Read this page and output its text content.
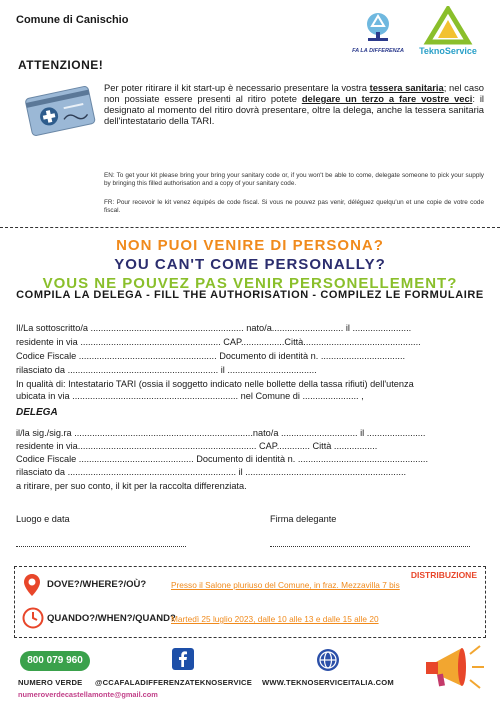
Comune di Canischio
FA LA DIFFERENZA	TeknoService
ATTENZIONE!
Per poter ritirare il kit start-up è necessario presentare la vostra tessera sanitaria; nel caso non possiate essere presenti al ritiro potete delegare un terzo a fare vostre veci: il designato al momento del ritiro dovrà presentare, oltre la delega, anche la tessera sanitaria dell'intestatario della TARI.
EN: To get your kit please bring your bring your sanitary code or, if you won't be able to come, delegate someone to pick your supply by bringing this filled authorisation and a copy of your sanitary code.
FR: Pour recevoir le kit venez équipés de code fiscal. Si vous ne pouvez pas venir, déléguez quelqu'un et une copie de votre code fiscal.
NON PUOI VENIRE DI PERSONA?
YOU CAN'T COME PERSONALLY?
VOUS NE POUVEZ PAS VENIR PERSONELLEMENT?
COMPILA LA DELEGA - FILL THE AUTHORISATION - COMPILEZ LE FORMULAIRE
Il/La sottoscritto/a ............................................................ nato/a............................ il .......................
residente in via ....................................................... CAP.................Città..............................................
Codice Fiscale ...................................................... Documento di identità n. .................................
rilasciato da ........................................................... il ...................................
In qualità di: Intestatario TARI (ossia il soggetto indicato nelle bollette della tassa rifiuti) dell'utenza
ubicata in via ................................................................. nel Comune di ...................... ,
DELEGA
il/la sig./sig.ra ......................................................................nato/a .............................. il .......................
residente in via...................................................................... CAP............. Città .................
Codice Fiscale ............................................. Documento di identità n. ...................................................
rilasciato da .................................................................. il ...............................................................
a ritirare, per suo conto, il kit per la raccolta differenziata.
Luogo e data	Firma delegante
DISTRIBUZIONE
DOVE?/WHERE?/OÙ?	Presso il Salone pluriuso del Comune, in fraz. Mezzavilla 7 bis
QUANDO?/WHEN?/QUAND?
Martedì 25 luglio 2023, dalle 10 alle 13 e dalle 15 alle 20
800 079 960
NUMERO VERDE @CCAFALADIFFERENZATEKNOSERVICE WWW.TEKNOSERVICEITALIA.COM
numeroverdecastellamonte@gmail.com
